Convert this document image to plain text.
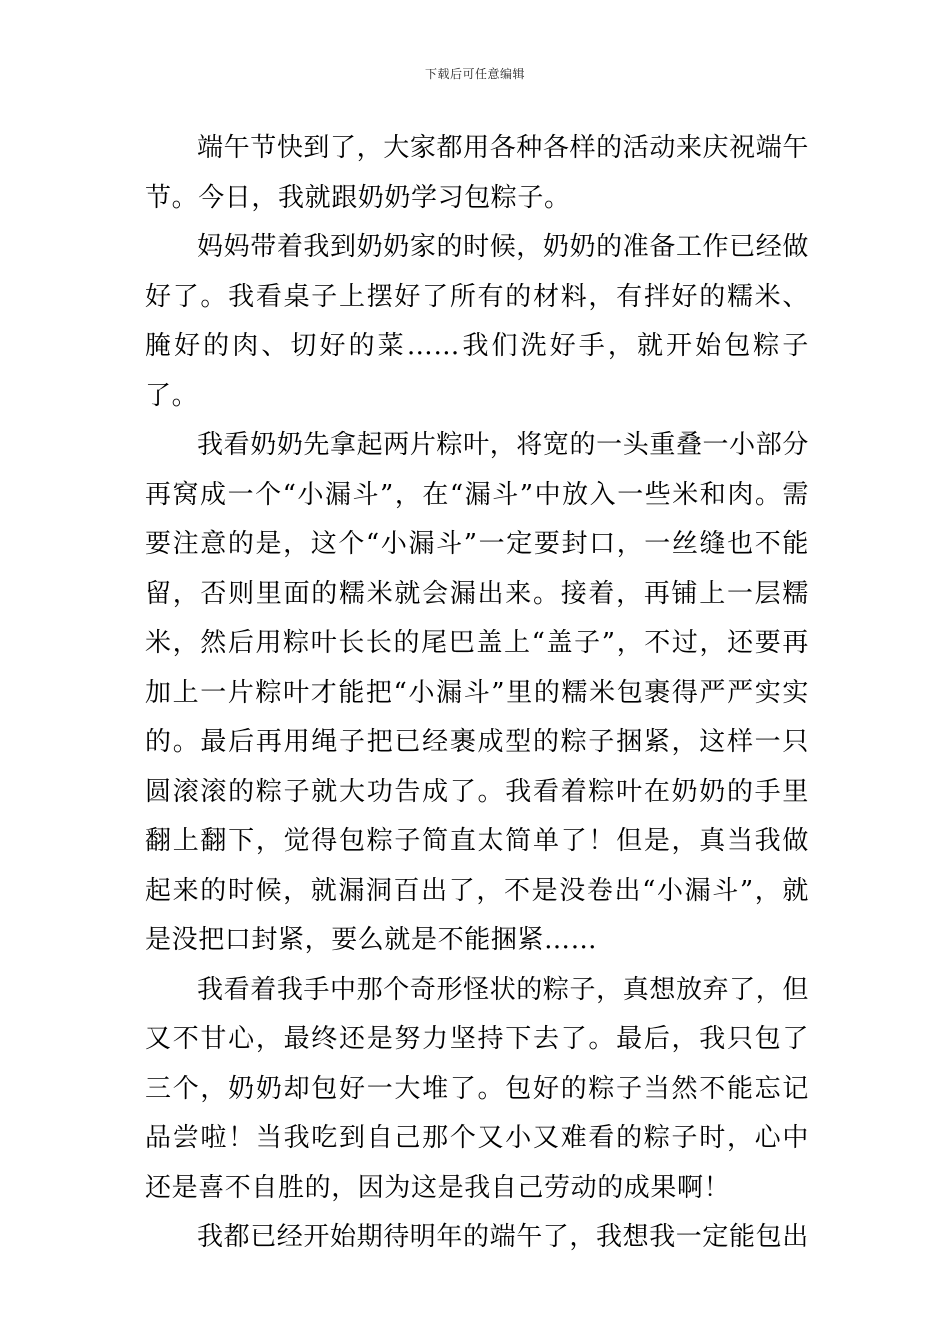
下载后可任意编辑

端午节快到了，大家都用各种各样的活动来庆祝端午节。今日，我就跟奶奶学习包粽子。

妈妈带着我到奶奶家的时候，奶奶的准备工作已经做好了。我看桌子上摆好了所有的材料，有拌好的糯米、腌好的肉、切好的菜……我们洗好手，就开始包粽子了。

我看奶奶先拿起两片粽叶，将宽的一头重叠一小部分再窝成一个“小漏斗”，在“漏斗”中放入一些米和肉。需要注意的是，这个“小漏斗”一定要封口，一丝缝也不能留，否则里面的糯米就会漏出来。接着，再铺上一层糯米，然后用粽叶长长的尾巴盖上“盖子”，不过，还要再加上一片粽叶才能把“小漏斗”里的糯米包裹得严严实实的。最后再用绳子把已经裹成型的粽子捆紧，这样一只圆滚滚的粽子就大功告成了。我看着粽叶在奶奶的手里翻上翻下，觉得包粽子简直太简单了！但是，真当我做起来的时候，就漏洞百出了，不是没卷出“小漏斗”，就是没把口封紧，要么就是不能捆紧……

我看着我手中那个奇形怪状的粽子，真想放弃了，但又不甘心，最终还是努力坚持下去了。最后，我只包了三个，奶奶却包好一大堆了。包好的粽子当然不能忘记品尝啦！当我吃到自己那个又小又难看的粽子时，心中还是喜不自胜的，因为这是我自己劳动的成果啊！

我都已经开始期待明年的端午了，我想我一定能包出
